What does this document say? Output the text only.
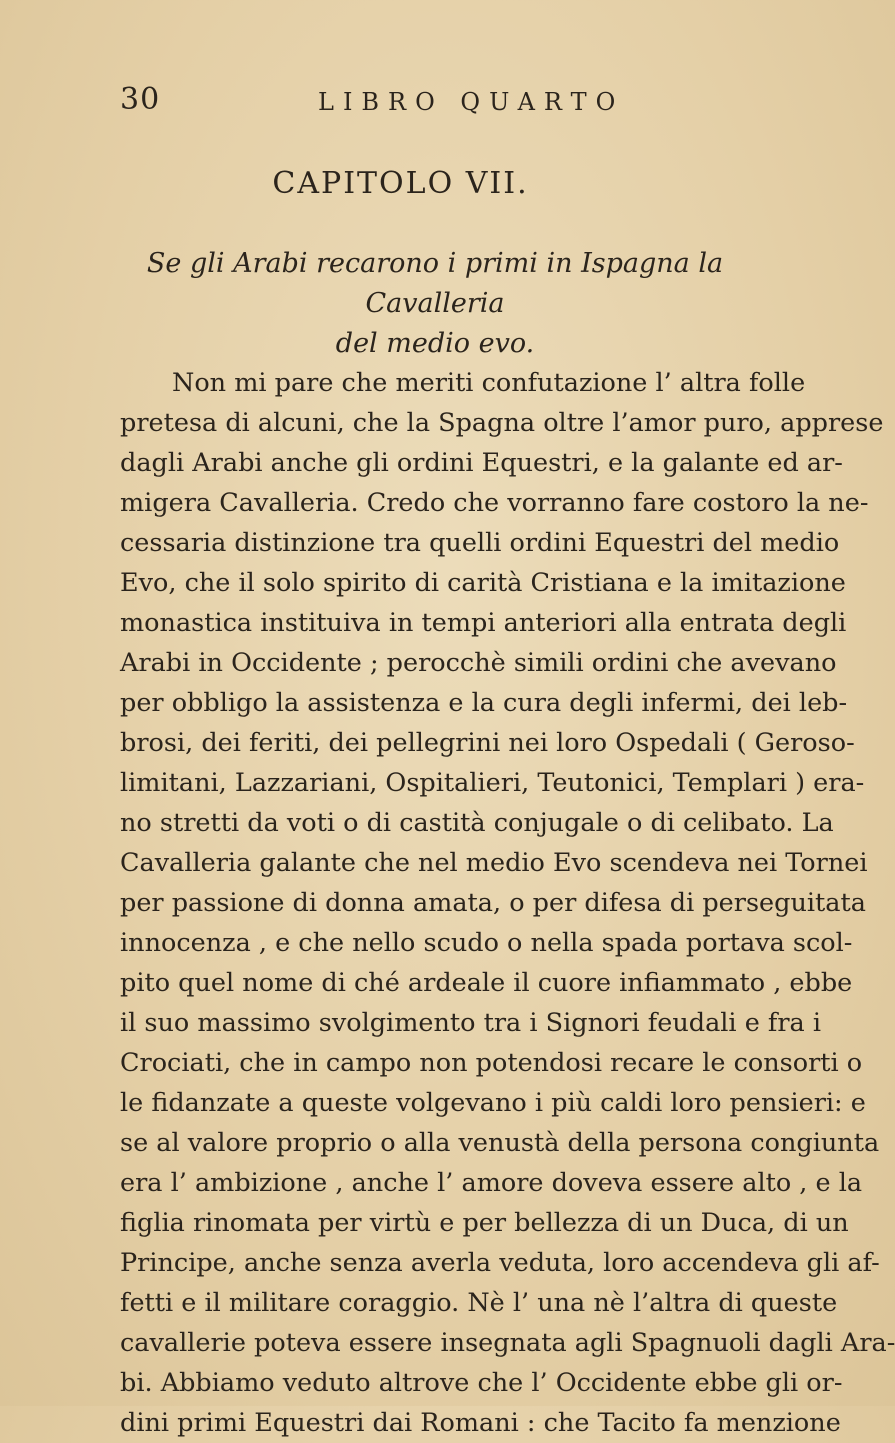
30	LIBRO QUARTO
CAPITOLO VII.
Se gli Arabi recarono i primi in Ispagna la Cavalleria
del medio evo.
Non mi pare che meriti confutazione l’ altra folle
pretesa di alcuni, che la Spagna oltre l’amor puro, apprese
dagli Arabi anche gli ordini Equestri, e la galante ed ar-
migera Cavalleria. Credo che vorranno fare costoro la ne-
cessaria distinzione tra quelli ordini Equestri del medio
Evo, che il solo spirito di carità Cristiana e la imitazione
monastica instituiva in tempi anteriori alla entrata degli
Arabi in Occidente ; perocchè simili ordini che avevano
per obbligo la assistenza e la cura degli infermi, dei leb-
brosi, dei feriti, dei pellegrini nei loro Ospedali ( Geroso-
limitani, Lazzariani, Ospitalieri, Teutonici, Templari ) era-
no stretti da voti o di castità conjugale o di celibato. La
Cavalleria galante che nel medio Evo scendeva nei Tornei
per passione di donna amata, o per difesa di perseguitata
innocenza , e che nello scudo o nella spada portava scol-
pito quel nome di ché ardeale il cuore infiammato , ebbe
il suo massimo svolgimento tra i Signori feudali e fra i
Crociati, che in campo non potendosi recare le consorti o
le fidanzate a queste volgevano i più caldi loro pensieri: e
se al valore proprio o alla venustà della persona congiunta
era l’ ambizione , anche l’ amore doveva essere alto , e la
figlia rinomata per virtù e per bellezza di un Duca, di un
Principe, anche senza averla veduta, loro accendeva gli af-
fetti e il militare coraggio. Nè l’ una nè l’altra di queste
cavallerie poteva essere insegnata agli Spagnuoli dagli Ara-
bi. Abbiamo veduto altrove che l’ Occidente ebbe gli or-
dini primi Equestri dai Romani : che Tacito fa menzione
